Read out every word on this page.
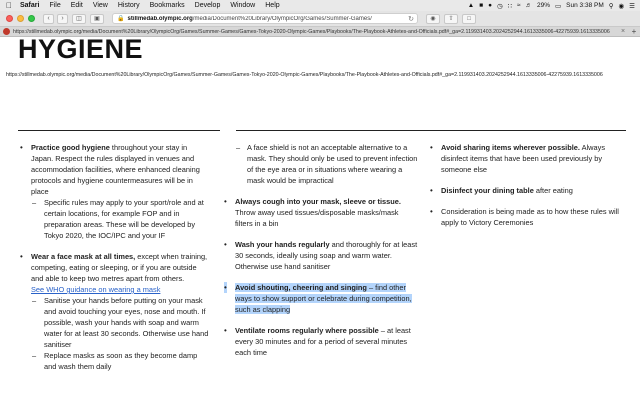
Safari	File	Edit	View	History	Bookmarks	Develop	Window	Help	▲ ■ ● ◷ ∷ ≈ ♬ 29% ▭ Sun 3:38 PM ⚲ ◉ ☰
‹	›	◫	▣	🔒 stillmedab.olympic.org/media/Document%20Library/OlympicOrg/Games/Summer-Games/	↻	◉	⇧	□
https://stillmedab.olympic.org/media/Document%20Library/OlympicOrg/Games/Summer-Games/Games-Tokyo-2020-Olympic-Games/Playbooks/The-Playbook-Athletes-and-Officials.pdf#_ga=2.119931403.2024252944.1613335006-42275939.1613335006	× +
HYGIENE
https://stillmedab.olympic.org/media/Document%20Library/OlympicOrg/Games/Summer-Games/Games-Tokyo-2020-Olympic-Games/Playbooks/The-Playbook-Athletes-and-Officials.pdf#_ga=2.119931403.2024252944.1613335006-42275939.1613335006
• Practice good hygiene throughout your stay in Japan. Respect the rules displayed in venues and accommodation facilities, where enhanced cleaning protocols and hygiene countermeasures will be in place
– Specific rules may apply to your sport/role and at certain locations, for example FOP and in preparation areas. These will be developed by Tokyo 2020, the IOC/IPC and your IF
• Wear a face mask at all times, except when training, competing, eating or sleeping, or if you are outside and able to keep two metres apart from others.
See WHO guidance on wearing a mask
– Sanitise your hands before putting on your mask and avoid touching your eyes, nose and mouth. If possible, wash your hands with soap and warm water for at least 30 seconds. Otherwise use hand sanitiser
– Replace masks as soon as they become damp and wash them daily
– A face shield is not an acceptable alternative to a mask. They should only be used to prevent infection of the eye area or in situations where wearing a mask would be impractical
• Always cough into your mask, sleeve or tissue. Throw away used tissues/disposable masks/mask filters in a bin
• Wash your hands regularly and thoroughly for at least 30 seconds, ideally using soap and warm water. Otherwise use hand sanitiser
• Avoid shouting, cheering and singing – find other ways to show support or celebrate during competition, such as clapping
• Ventilate rooms regularly where possible – at least every 30 minutes and for a period of several minutes each time
• Avoid sharing items wherever possible. Always disinfect items that have been used previously by someone else
• Disinfect your dining table after eating
• Consideration is being made as to how these rules will apply to Victory Ceremonies
